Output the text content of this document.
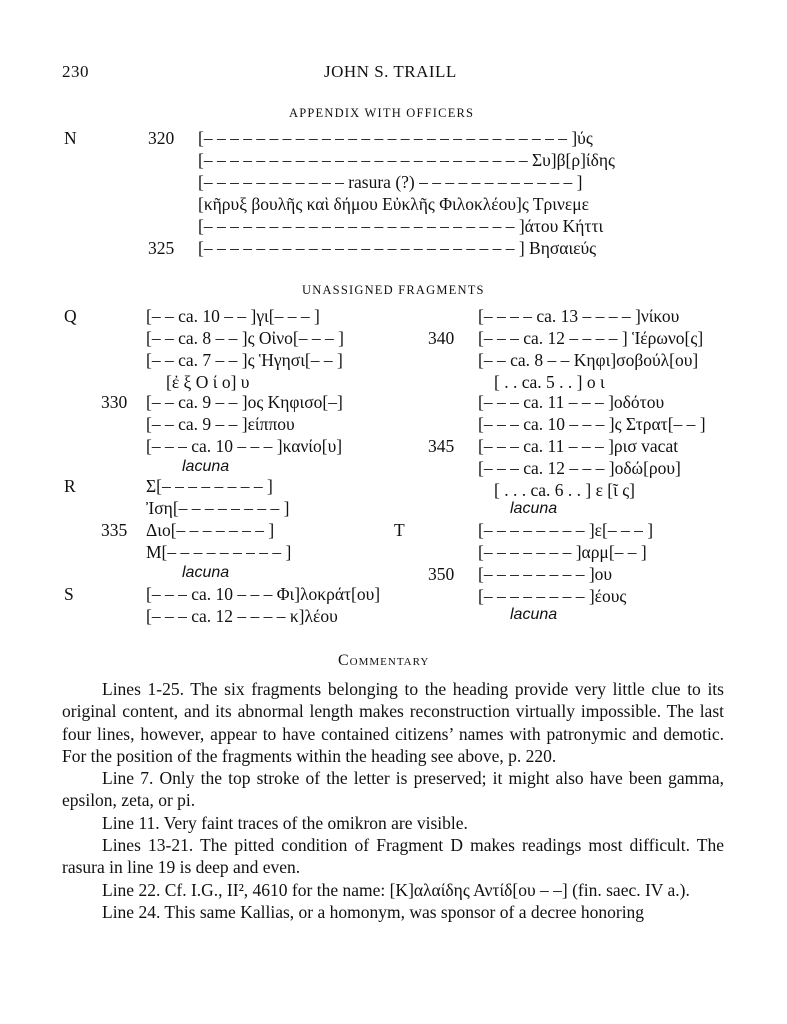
230	JOHN S. TRAILL
APPENDIX WITH OFFICERS
N	320 [– – – – – – – – – – – – – – – – – – – – – – – – – – – – ]ύς
[– – – – – – – – – – – – – – – – – – – – – – – – – Συ]β[ρ]ίδης
[– – – – – – – – – – – rasura (?) – – – – – – – – – – – – ]
[κῆρυξ βουλῆς καὶ δήμου Εὐκλῆς Φιλοκλέου]ς Τρινεμε
[– – – – – – – – – – – – – – – – – – – – – – – – ]άτου Κήττι
325 [– – – – – – – – – – – – – – – – – – – – – – – – ] Βησαιεύς
UNASSIGNED FRAGMENTS
Q	[– – ca. 10 – – ]γι[– – – ]
[– – ca. 8 – – ]ς Οἰνο[– – – ]
[– – ca. 7 – – ]ς Ἡγησι[– – ]
[ἐ ξ Ο ί ο] υ
330 [– – ca. 9 – – ]ος Κηφισο[–]
[– – ca. 9 – – ]είππου
[– – – ca. 10 – – – ]κανίο[υ]
lacuna
R	Σ[– – – – – – – – ]
Ἰση[– – – – – – – – ]
335 Διο[– – – – – – – ]
Μ[– – – – – – – – – ]
lacuna
S	[– – – ca. 10 – – – Φι]λοκράτ[ου]
[– – – ca. 12 – – – – κ]λέου
[– – – – ca. 13 – – – – ]νίκου
340 [– – – ca. 12 – – – – ] Ἱέρωνο[ς]
[– – ca. 8 – – Κηφι]σοβούλ[ου]
[ . . ca. 5 . . ] ο ι
[– – – ca. 11 – – – ]οδότου
[– – – ca. 10 – – – ]ς Στρατ[– – ]
345 [– – – ca. 11 – – – ]ρισ vacat
[– – – ca. 12 – – – ]οδώ[ρου]
[ . . . ca. 6 . . ] ε [ῖ ς]
lacuna
T	[– – – – – – – – ]ε[– – – ]
[– – – – – – – ]αρμ[– – ]
350 [– – – – – – – – ]ου
[– – – – – – – – ]έους
lacuna
Commentary

Lines 1-25. The six fragments belonging to the heading provide very little clue to its original content, and its abnormal length makes reconstruction virtually impossible. The last four lines, however, appear to have contained citizens’ names with patronymic and demotic. For the position of the fragments within the heading see above, p. 220.

Line 7. Only the top stroke of the letter is preserved; it might also have been gamma, epsilon, zeta, or pi.

Line 11. Very faint traces of the omikron are visible.

Lines 13-21. The pitted condition of Fragment D makes readings most difficult. The rasura in line 19 is deep and even.

Line 22. Cf. I.G., II², 4610 for the name: [Κ]αλαίδης Αντίδ[ου – –] (fin. saec. IV a.).

Line 24. This same Kallias, or a homonym, was sponsor of a decree honoring
